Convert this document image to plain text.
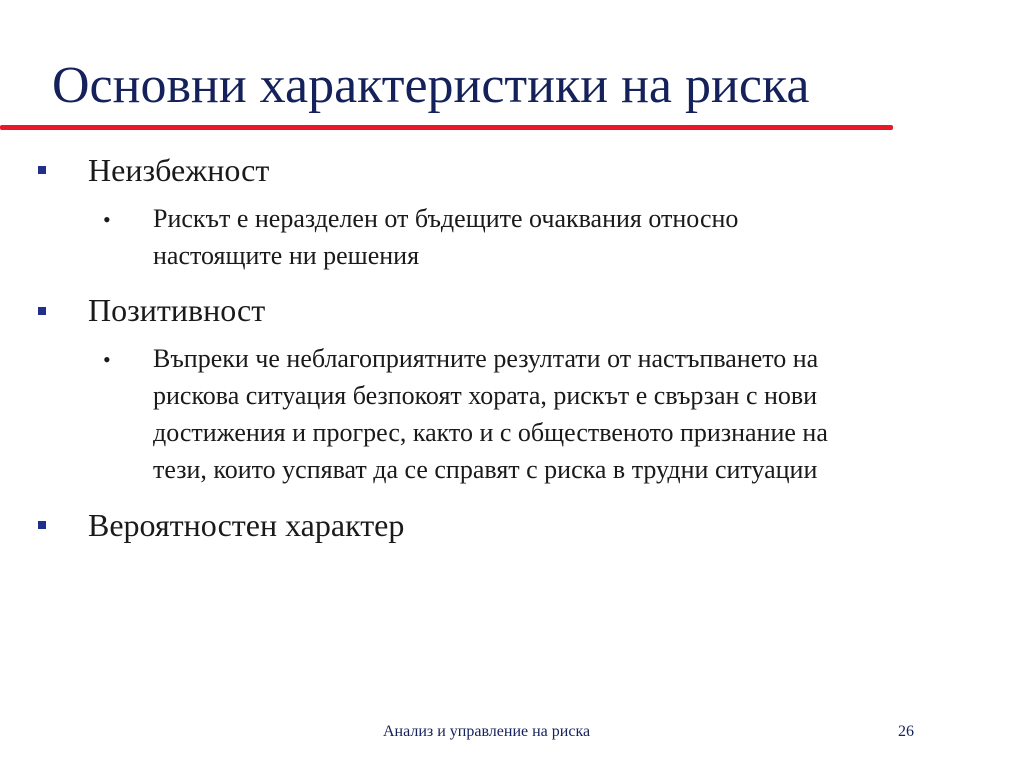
Основни характеристики на риска
Неизбежност
• Рискът е неразделен от бъдещите очаквания относно
настоящите ни решения
Позитивност
• Въпреки че неблагоприятните резултати от настъпването на
рискова ситуация безпокоят хората, рискът е свързан с нови
достижения и прогрес, както и с общественото признание на
тези, които успяват да се справят с риска в трудни ситуации
Вероятностен характер
Анализ и управление на риска	26
